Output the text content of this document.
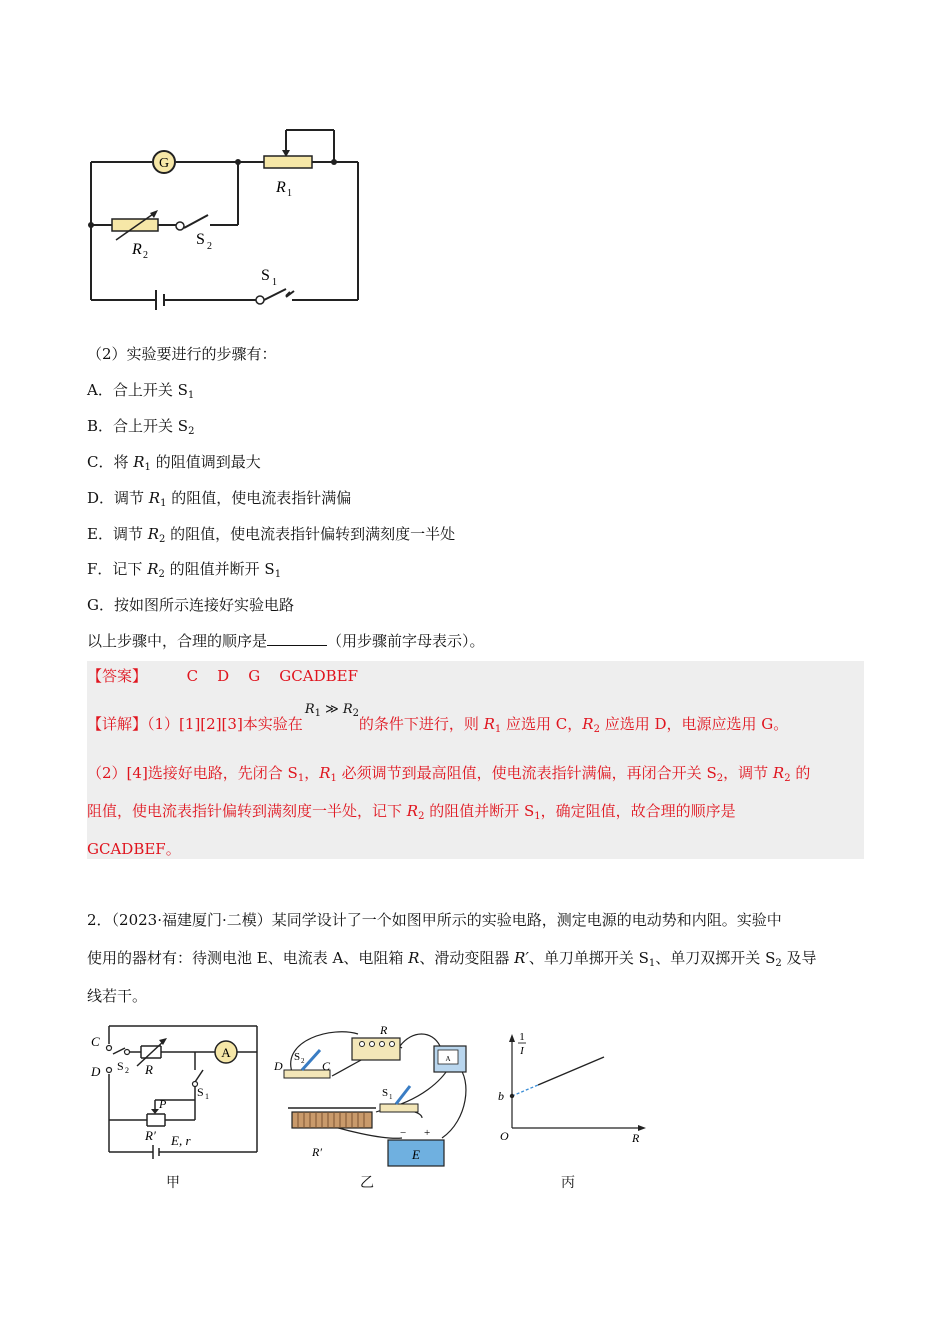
G
R 1
R 2
S 2
S 1
（2）实验要进行的步骤有：
A．合上开关 $S_1$
B．合上开关 $S_2$
C．将 $R_1$ 的阻值调到最大
D．调节 $R_1$ 的阻值，使电流表指针满偏
E．调节 $R_2$ 的阻值，使电流表指针偏转到满刻度一半处
F．记下 $R_2$ 的阻值并断开 $S_1$
G．按如图所示连接好实验电路
以上步骤中，合理的顺序是	（用步骤前字母表示）。
【答案】	C    D    G    GCADBEF
【详解】（1）[1][2][3]本实验在
$R_1$ ≫ $R_2$
的条件下进行，则 $R_1$ 应选用 C，$R_2$ 应选用 D，电源应选用 G。
（2）[4]选接好电路，先闭合 $S_1$，$R_1$ 必须调节到最高阻值，使电流表指针满偏，再闭合开关 $S_2$，调节 $R_2$ 的
阻值，使电流表指针偏转到满刻度一半处，记下 $R_2$ 的阻值并断开 $S_1$，确定阻值，故合理的顺序是
GCADBEF。
2．（2023·福建厦门·二模）某同学设计了一个如图甲所示的实验电路，测定电源的电动势和内阻。实验中
使用的器材有：待测电池 E、电流表 A、电阻箱 R、滑动变阻器 R′、单刀单掷开关 $S_1$、单刀双掷开关 $S_2$ 及导
线若干。
A
C
D S 2 R
S 1
P
R′ E, r
甲
A
E
− +
R
D
S 2 C
S 1
R′
乙
1
I
b
O	R
丙
